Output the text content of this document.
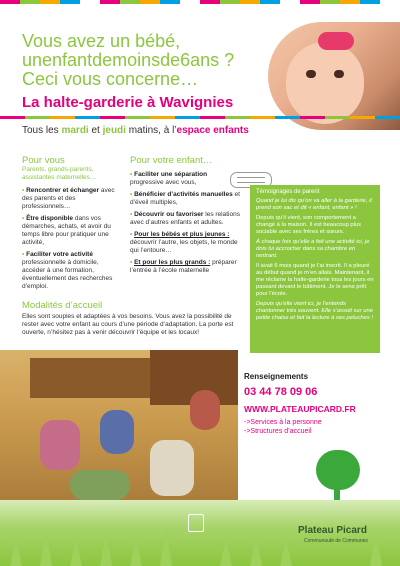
Vous avez un bébé, unenfantdemoinsde6ans ? Ceci vous concerne…
La halte-garderie à Wavignies
Tous les mardi et jeudi matins, à l’espace enfants
Pour vous
Parents, grands-parents, assistantes maternelles…
• Rencontrer et échanger avec des parents et des professionnels…
• Être disponible dans vos démarches, achats, et avoir du temps libre pour pratiquer une activité,
• Faciliter votre activité professionnelle à domicile, accéder à une formation, éventuellement des recherches d’emploi.
Pour votre enfant…
• Faciliter une séparation progressive avec vous,
• Bénéficier d’activités manuelles et d’éveil multiples,
• Découvrir ou favoriser les relations avec d’autres enfants et adultes.
• Pour les bébés et plus jeunes : découvrir l’autre, les objets, le monde qui l’entoure…
• Et pour les plus grands : préparer l’entrée à l’école maternelle
Témoignages de parent

Quand je lui dis qu’on va aller à la garderie, il prend son sac et dit « enfant, enfant » !

Depuis qu’il vient, son comportement a changé à la maison. Il est beaucoup plus sociable avec ses frères et sœurs.

À chaque fois qu’elle a fait une activité ici, je dois lui accrocher dans sa chambre en rentrant.

Il avait 6 mois quand je l’ai inscrit. Il a pleuré au début quand je m’en allais. Maintenant, il me réclame la halte-garderie tous les jours en passant devant le bâtiment. Je le sens prêt pour l’école.

Depuis qu’elle vient ici, je l’entends chantonner très souvent. Elle s’assoit sur une petite chaise et fait la lecture à ses peluches !

Modalités d’accueil
Elles sont souples et adaptées à vos besoins. Vous avez la possibilité de rester avec votre enfant au cours d’une période d’adaptation. La porte est ouverte, n’hésitez pas à venir découvrir l’équipe et les locaux!
Renseignements
03 44 78 09 06
WWW.PLATEAUPICARD.FR
->Services à la personne
->Structures d’accueil
Plateau Picard
Communauté de Communes
